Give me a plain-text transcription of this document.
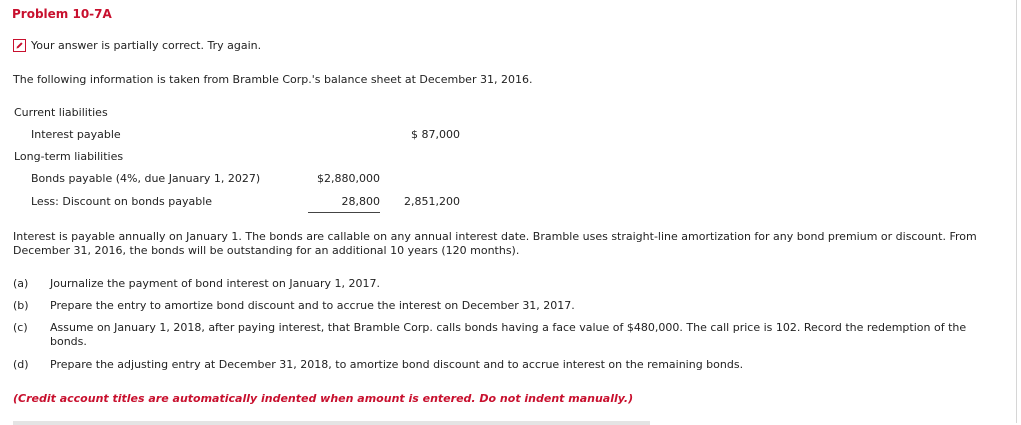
Problem 10-7A
Your answer is partially correct. Try again.
The following information is taken from Bramble Corp.'s balance sheet at December 31, 2016.
Current liabilities
Interest payable	$ 87,000
Long-term liabilities
Bonds payable (4%, due January 1, 2027)	$2,880,000
Less: Discount on bonds payable	28,800	2,851,200
Interest is payable annually on January 1. The bonds are callable on any annual interest date. Bramble uses straight-line amortization for any bond premium or discount. From December 31, 2016, the bonds will be outstanding for an additional 10 years (120 months).
(a)	Journalize the payment of bond interest on January 1, 2017.
(b)	Prepare the entry to amortize bond discount and to accrue the interest on December 31, 2017.
(c)	Assume on January 1, 2018, after paying interest, that Bramble Corp. calls bonds having a face value of $480,000. The call price is 102. Record the redemption of the bonds.
(d)	Prepare the adjusting entry at December 31, 2018, to amortize bond discount and to accrue interest on the remaining bonds.
(Credit account titles are automatically indented when amount is entered. Do not indent manually.)
